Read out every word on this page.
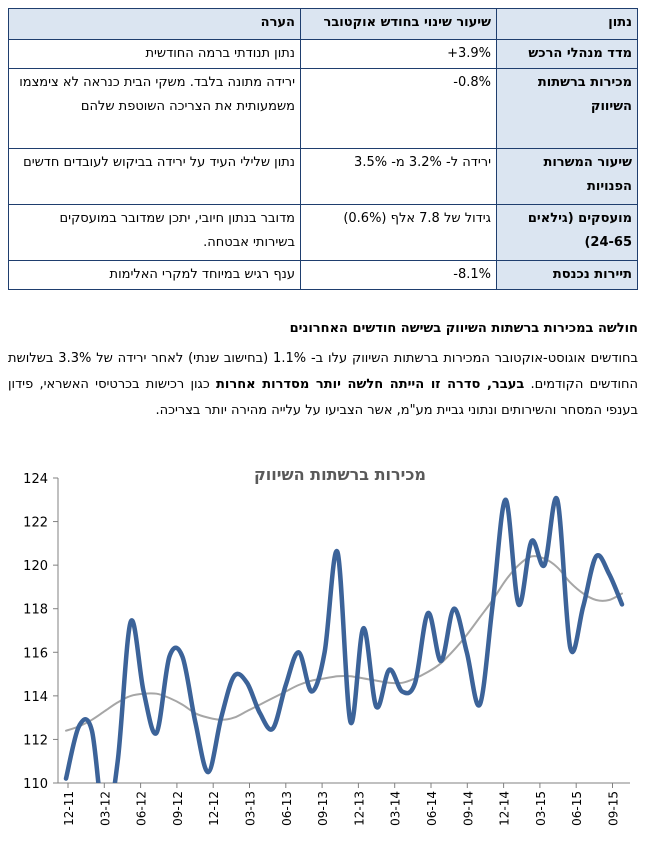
נתון	שיעור שינוי בחודש אוקטובר	הערה
מדד מנהלי הרכש	+3.9%	נתון תנודתי ברמה החודשית
מכירות ברשתות השיווק	-0.8%	ירידה מתונה בלבד. משקי הבית כנראה לא צימצמו משמעותית את הצריכה השוטפת שלהם
שיעור המשרות הפנויות	ירידה ל- 3.2% מ- 3.5%	נתון שלילי העיד על ירידה בביקוש לעובדים חדשים
מועסקים (גילאים 24-65)	גידול של 7.8 אלף (0.6%)	מדובר בנתון חיובי, יתכן שמדובר במועסקים בשירותי אבטחה.
תיירות נכנסת	-8.1%	ענף רגיש במיוחד למקרי האלימות
חולשה במכירות ברשתות השיווק בשישה חודשים האחרונים
בחודשים אוגוסט-אוקטובר המכירות ברשתות השיווק עלו ב- 1.1% (בחישוב שנתי) לאחר ירידה של 3.3% בשלושת החודשים הקודמים. בעבר, סדרה זו הייתה חלשה יותר מסדרות אחרות כגון רכישות בכרטיסי האשראי, פידון בענפי המסחר והשירותים ונתוני גביית מע"מ, אשר הצביעו על עלייה מהירה יותר בצריכה.
מכירות ברשתות השיווק
110
112
114
116
118
120
122
124
12-11 03-12 06-12 09-12 12-12 03-13 06-13 09-13 12-13 03-14 06-14 09-14 12-14 03-15 06-15 09-15
